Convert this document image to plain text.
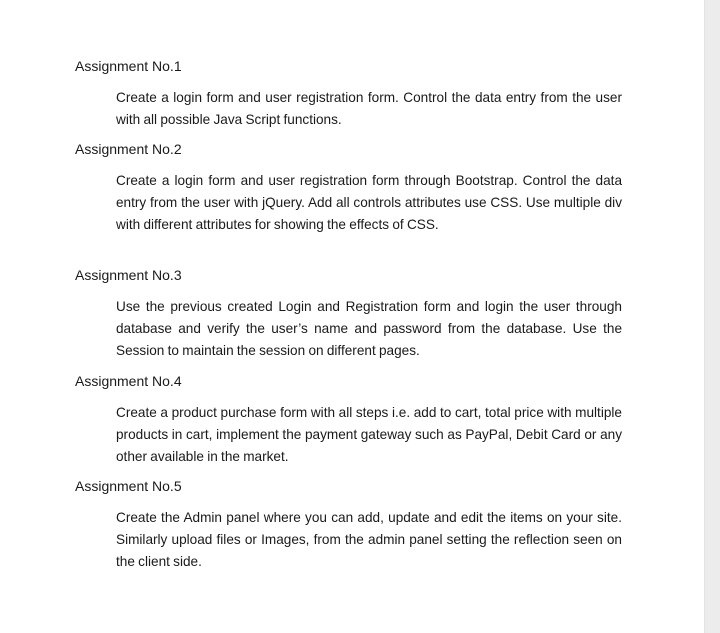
Assignment No.1
Create a login form and user registration form. Control the data entry from the user with all possible Java Script functions.
Assignment No.2
Create a login form and user registration form through Bootstrap. Control the data entry from the user with jQuery. Add all controls attributes use CSS. Use multiple div with different attributes for showing the effects of CSS.
Assignment No.3
Use the previous created Login and Registration form and login the user through database and verify the user’s name and password from the database. Use the Session to maintain the session on different pages.
Assignment No.4
Create a product purchase form with all steps i.e. add to cart, total price with multiple products in cart, implement the payment gateway such as PayPal, Debit Card or any other available in the market.
Assignment No.5
Create the Admin panel where you can add, update and edit the items on your site. Similarly upload files or Images, from the admin panel setting the reflection seen on the client side.
